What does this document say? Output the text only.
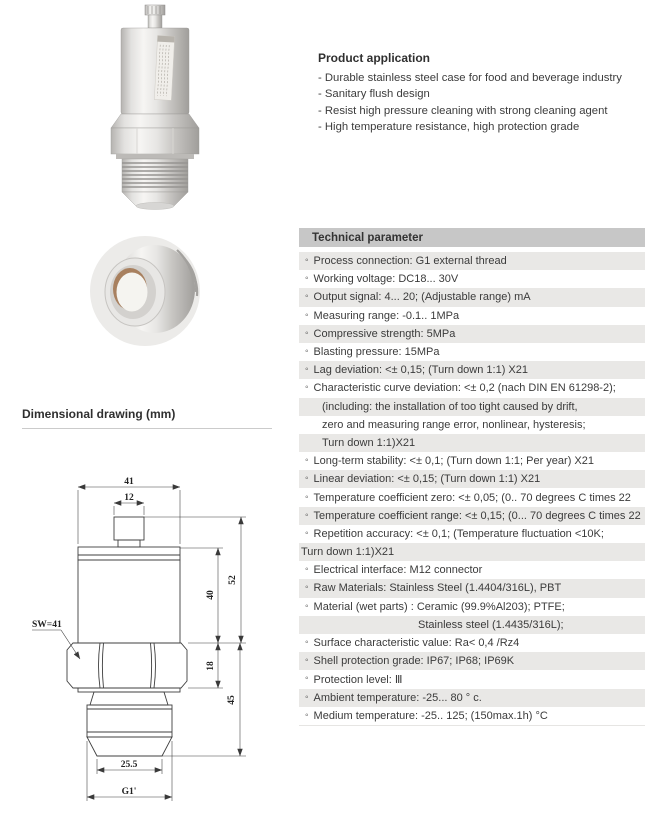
Product application
- Durable stainless steel case for food and beverage industry
- Sanitary flush design
- Resist high pressure cleaning with strong cleaning agent
- High temperature resistance, high protection grade
Technical parameter
◦ Process connection: G1 external thread
◦ Working voltage: DC18... 30V
◦ Output signal: 4... 20; (Adjustable range) mA
◦ Measuring range: -0.1.. 1MPa
◦ Compressive strength: 5MPa
◦ Blasting pressure: 15MPa
◦ Lag deviation: <± 0,15; (Turn down 1:1) X21
◦ Characteristic curve deviation: <± 0,2 (nach DIN EN 61298-2);
(including: the installation of too tight caused by drift,
zero and measuring range error, nonlinear, hysteresis;
Turn down 1:1)X21
◦ Long-term stability: <± 0,1; (Turn down 1:1; Per year) X21
◦ Linear deviation: <± 0,15; (Turn down 1:1) X21
◦ Temperature coefficient zero: <± 0,05; (0.. 70 degrees C times 22
◦ Temperature coefficient range: <± 0,15; (0... 70 degrees C times 22
◦ Repetition accuracy: <± 0,1; (Temperature fluctuation <10K;
Turn down 1:1)X21
◦ Electrical interface: M12 connector
◦ Raw Materials: Stainless Steel (1.4404/316L), PBT
◦ Material (wet parts) : Ceramic (99.9%Al203); PTFE;
Stainless steel (1.4435/316L);
◦ Surface characteristic value: Ra< 0,4 /Rz4
◦ Shell protection grade: IP67; IP68; IP69K
◦ Protection level: Ⅲ
◦ Ambient temperature: -25... 80 ° c.
◦ Medium temperature: -25.. 125; (150max.1h) °C
Dimensional drawing (mm)
41
12
52
40
18
45
25.5
G1'
SW=41
